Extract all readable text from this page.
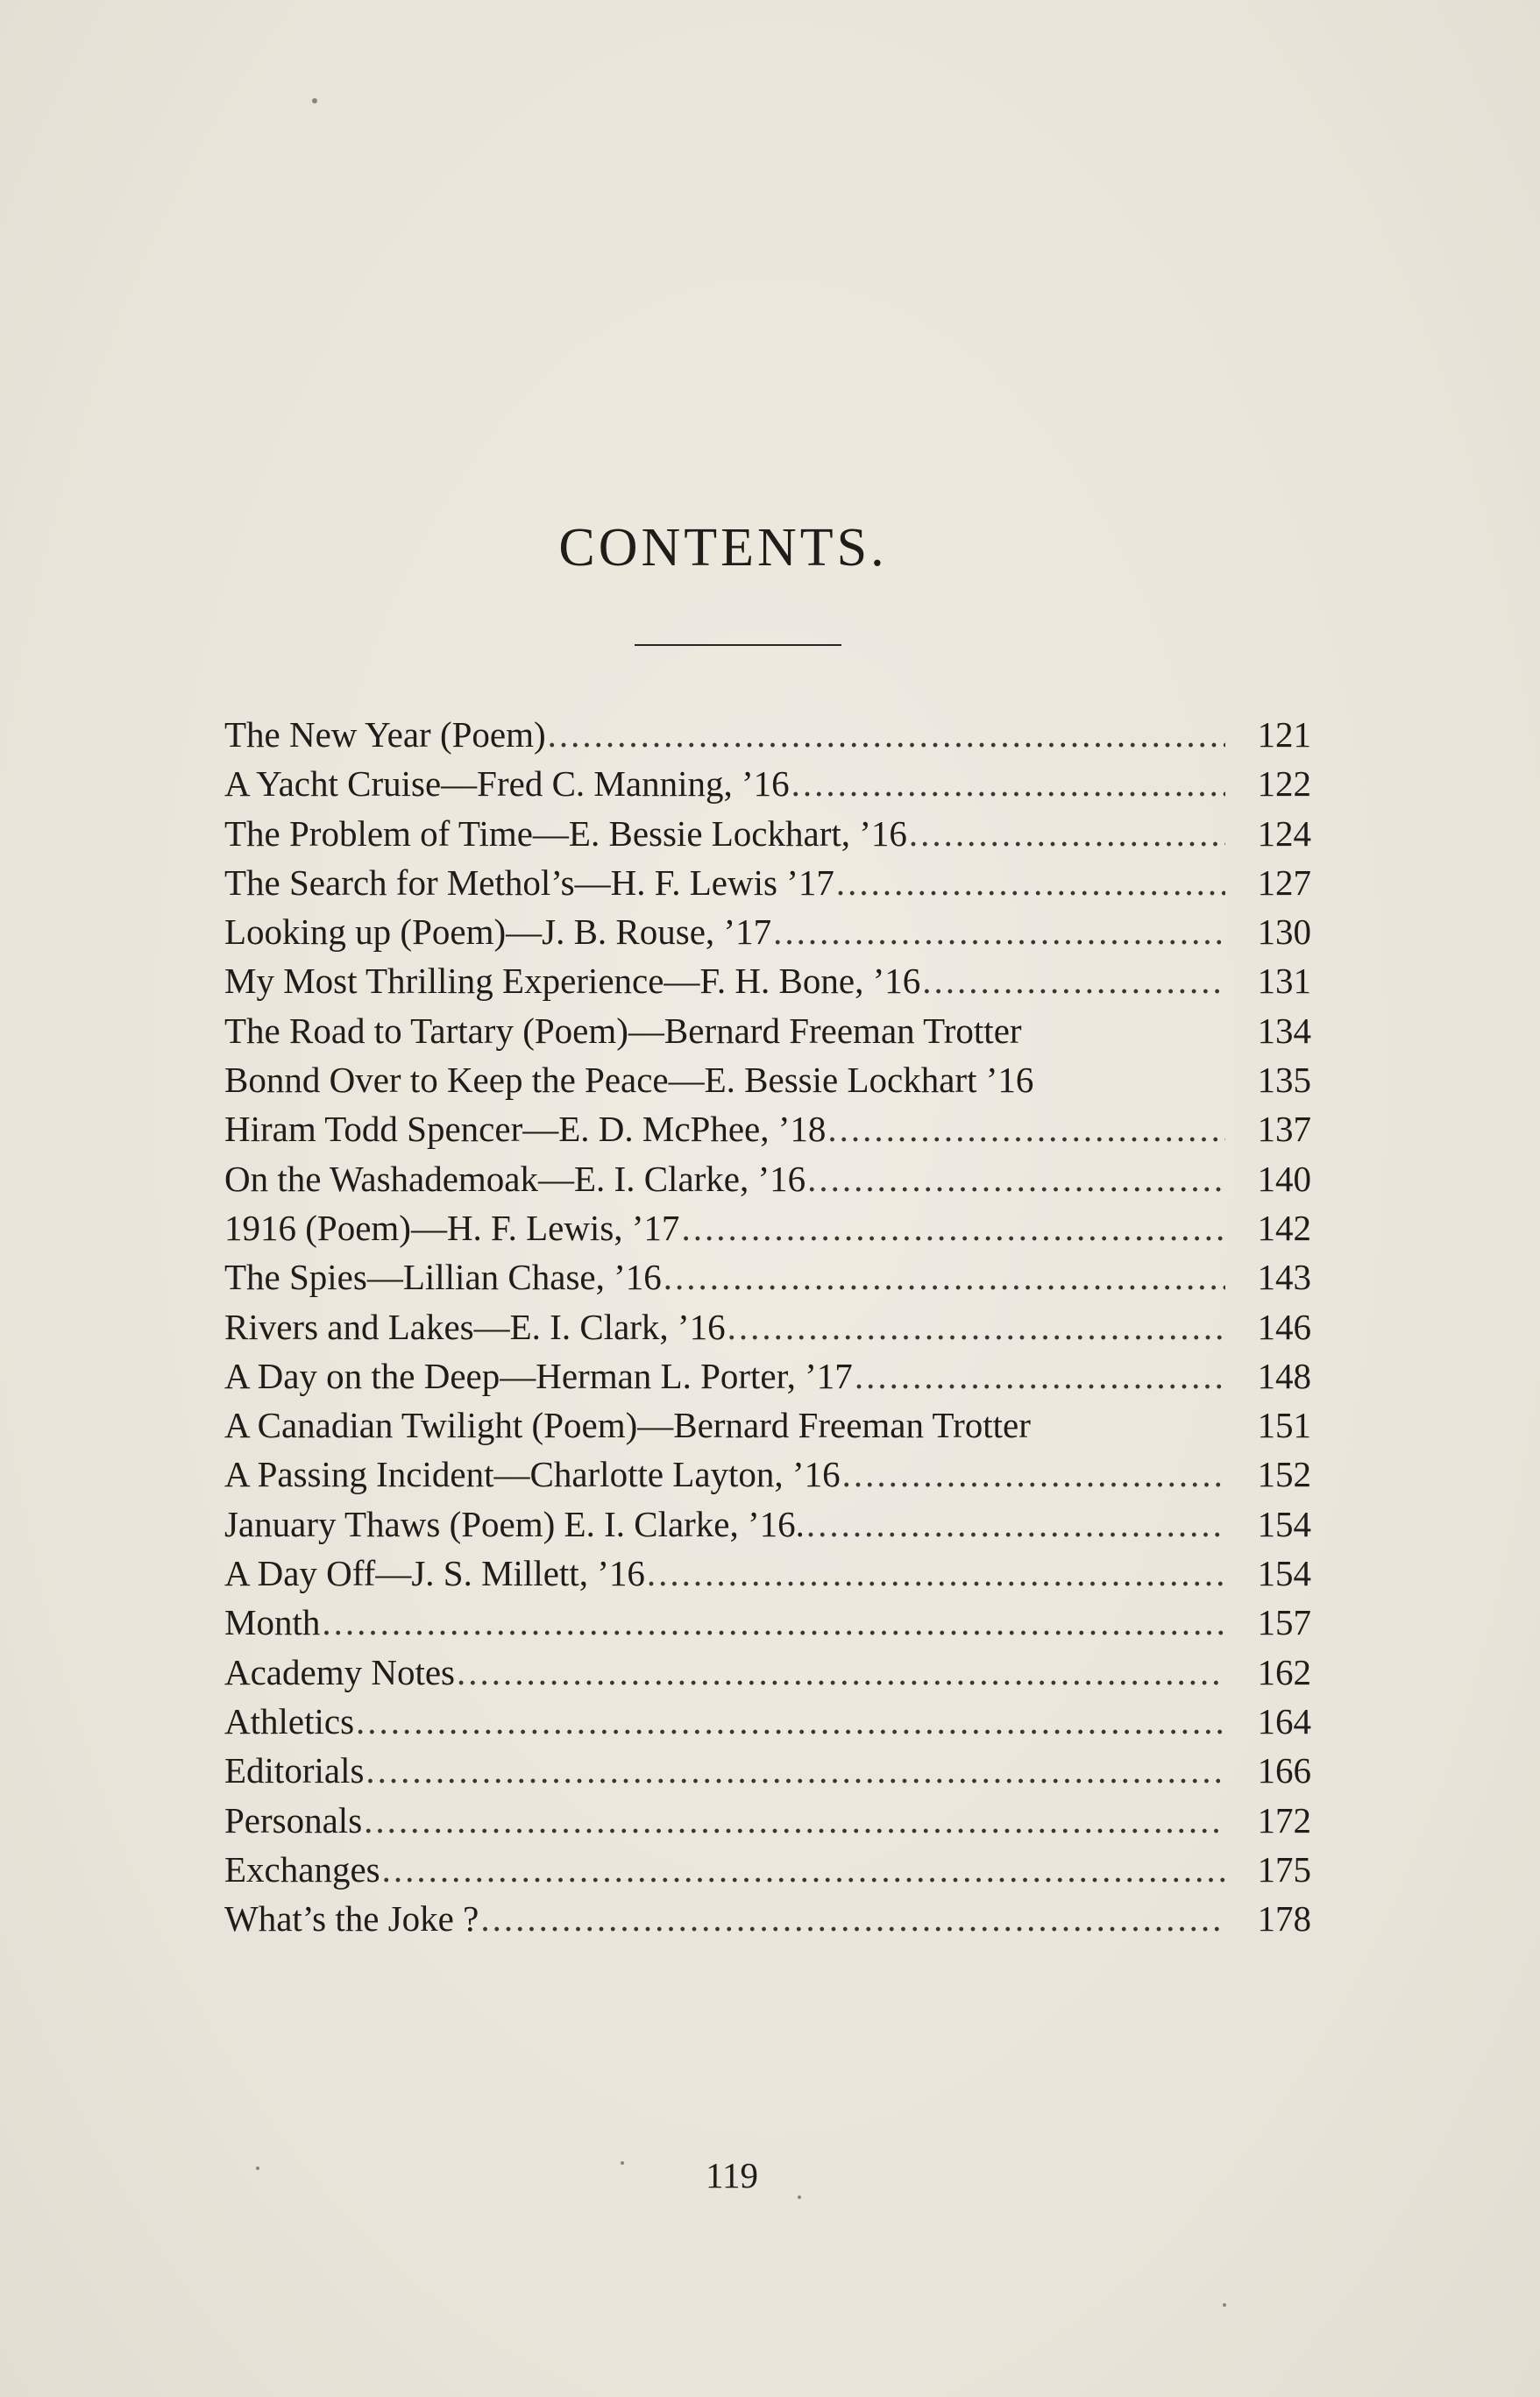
CONTENTS.
The New Year (Poem) .....	121
A Yacht Cruise—Fred C. Manning, ’16 .....	122
The Problem of Time—E. Bessie Lockhart, ’16 .....	124
The Search for Methol’s—H. F. Lewis ’17 .....	127
Looking up (Poem)—J. B. Rouse, ’17 .....	130
My Most Thrilling Experience—F. H. Bone, ’16 .....	131
The Road to Tartary (Poem)—Bernard Freeman Trotter	134
Bonnd Over to Keep the Peace—E. Bessie Lockhart ’16	135
Hiram Todd Spencer—E. D. McPhee, ’18 .....	137
On the Washademoak—E. I. Clarke, ’16 .....	140
1916 (Poem)—H. F. Lewis, ’17 .....	142
The Spies—Lillian Chase, ’16 .....	143
Rivers and Lakes—E. I. Clark, ’16 .....	146
A Day on the Deep—Herman L. Porter, ’17 .....	148
A Canadian Twilight (Poem)—Bernard Freeman Trotter	151
A Passing Incident—Charlotte Layton, ’16 .....	152
January Thaws (Poem) E. I. Clarke, ’16. .....	154
A Day Off—J. S. Millett, ’16 .....	154
Month .....	157
Academy Notes .....	162
Athletics .....	164
Editorials .....	166
Personals .....	172
Exchanges .....	175
What’s the Joke ? .....	178
119
